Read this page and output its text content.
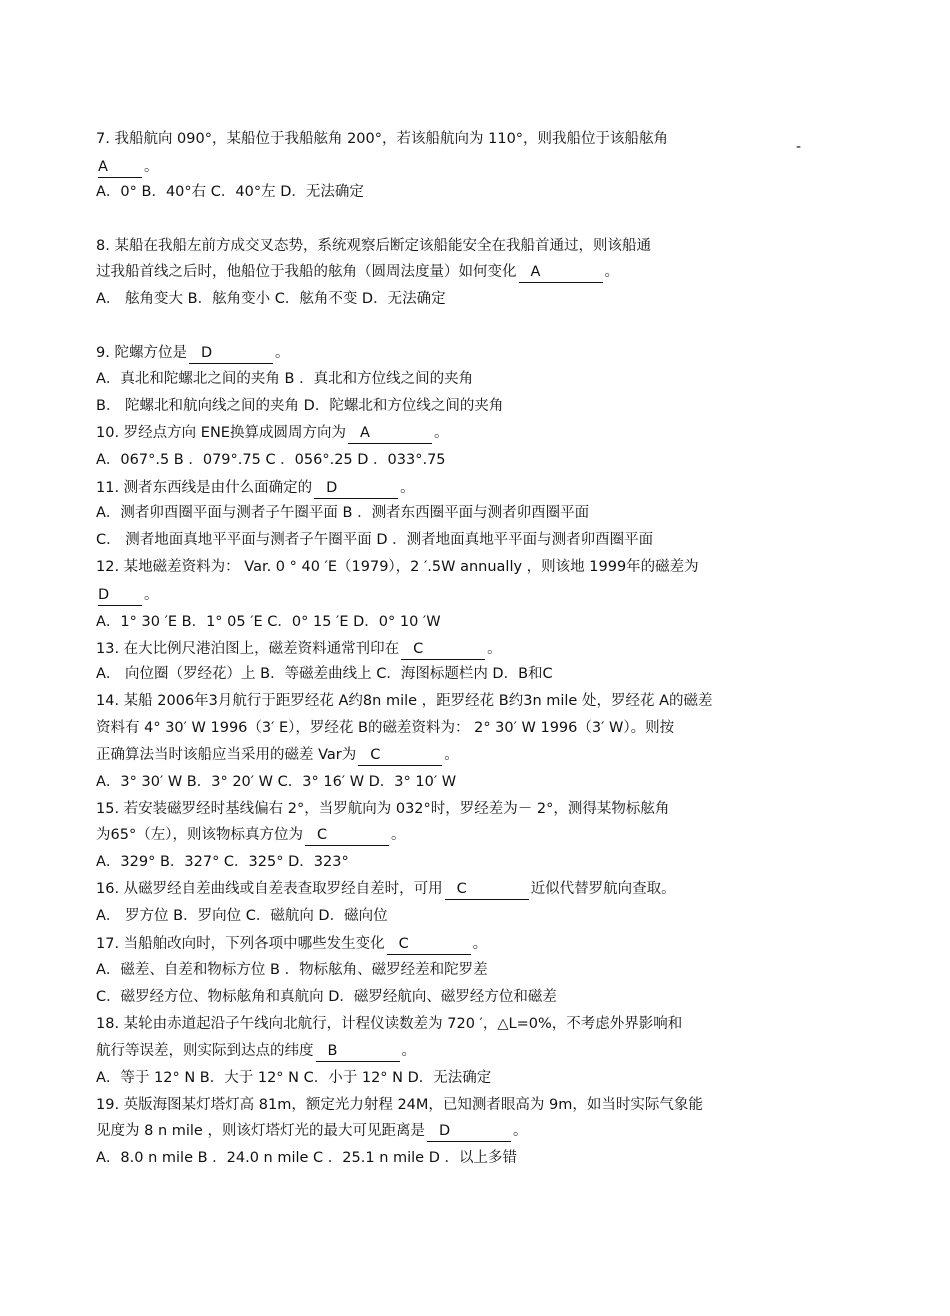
7. 我船航向 090°，某船位于我船舷角 200°，若该船航向为 110°，则我船位于该船舷角
A 。
A．0° B．40°右 C．40°左 D．无法确定
-
8. 某船在我船左前方成交叉态势，系统观察后断定该船能安全在我船首通过，则该船通
过我船首线之后时，他船位于我船的舷角（圆周法度量）如何变化 A	。
A． 舷角变大 B．舷角变小 C．舷角不变 D．无法确定
9. 陀螺方位是 D	。
A．真北和陀螺北之间的夹角 B ．真北和方位线之间的夹角
B． 陀螺北和航向线之间的夹角 D．陀螺北和方位线之间的夹角
10. 罗经点方向 ENE换算成圆周方向为 A	。
A．067°.5 B ．079°.75 C ．056°.25 D ．033°.75
11. 测者东西线是由什么面确定的 D	。
A．测者卯酉圈平面与测者子午圈平面 B ．测者东西圈平面与测者卯酉圈平面
C． 测者地面真地平平面与测者子午圈平面 D ．测者地面真地平平面与测者卯酉圈平面
12. 某地磁差资料为： Var. 0 ° 40 ′E（1979），2 ′.5W annually ，则该地 1999年的磁差为
D 。
A．1° 30 ′E B．1° 05 ′E C．0° 15 ′E D．0° 10 ′W
13. 在大比例尺港泊图上，磁差资料通常刊印在 C	。
A． 向位圈（罗经花）上 B．等磁差曲线上 C．海图标题栏内 D．B和C
14. 某船 2006年3月航行于距罗经花 A约8n mile ，距罗经花 B约3n mile 处，罗经花 A的磁差
资料有 4° 30′ W 1996（3′ E），罗经花 B的磁差资料为： 2° 30′ W 1996（3′ W）。则按
正确算法当时该船应当采用的磁差 Var为 C	。
A．3° 30′ W B．3° 20′ W C．3° 16′ W D．3° 10′ W
15. 若安装磁罗经时基线偏右 2°，当罗航向为 032°时，罗经差为－ 2°，测得某物标舷角
为65°（左），则该物标真方位为 C	。
A．329° B．327° C．325° D．323°
16. 从磁罗经自差曲线或自差表查取罗经自差时，可用 C	近似代替罗航向查取。
A． 罗方位 B．罗向位 C．磁航向 D．磁向位
17. 当船舶改向时，下列各项中哪些发生变化 C	。
A．磁差、自差和物标方位 B ．物标舷角、磁罗经差和陀罗差
C．磁罗经方位、物标舷角和真航向 D．磁罗经航向、磁罗经方位和磁差
18. 某轮由赤道起沿子午线向北航行，计程仪读数差为 720 ′，△L=0%，不考虑外界影响和
航行等误差，则实际到达点的纬度 B	。
A．等于 12° N B．大于 12° N C．小于 12° N D．无法确定
19. 英版海图某灯塔灯高 81m，额定光力射程 24M，已知测者眼高为 9m，如当时实际气象能
见度为 8 n mile ，则该灯塔灯光的最大可见距离是 D	。
A．8.0 n mile B ．24.0 n mile C ．25.1 n mile D ．以上多错
